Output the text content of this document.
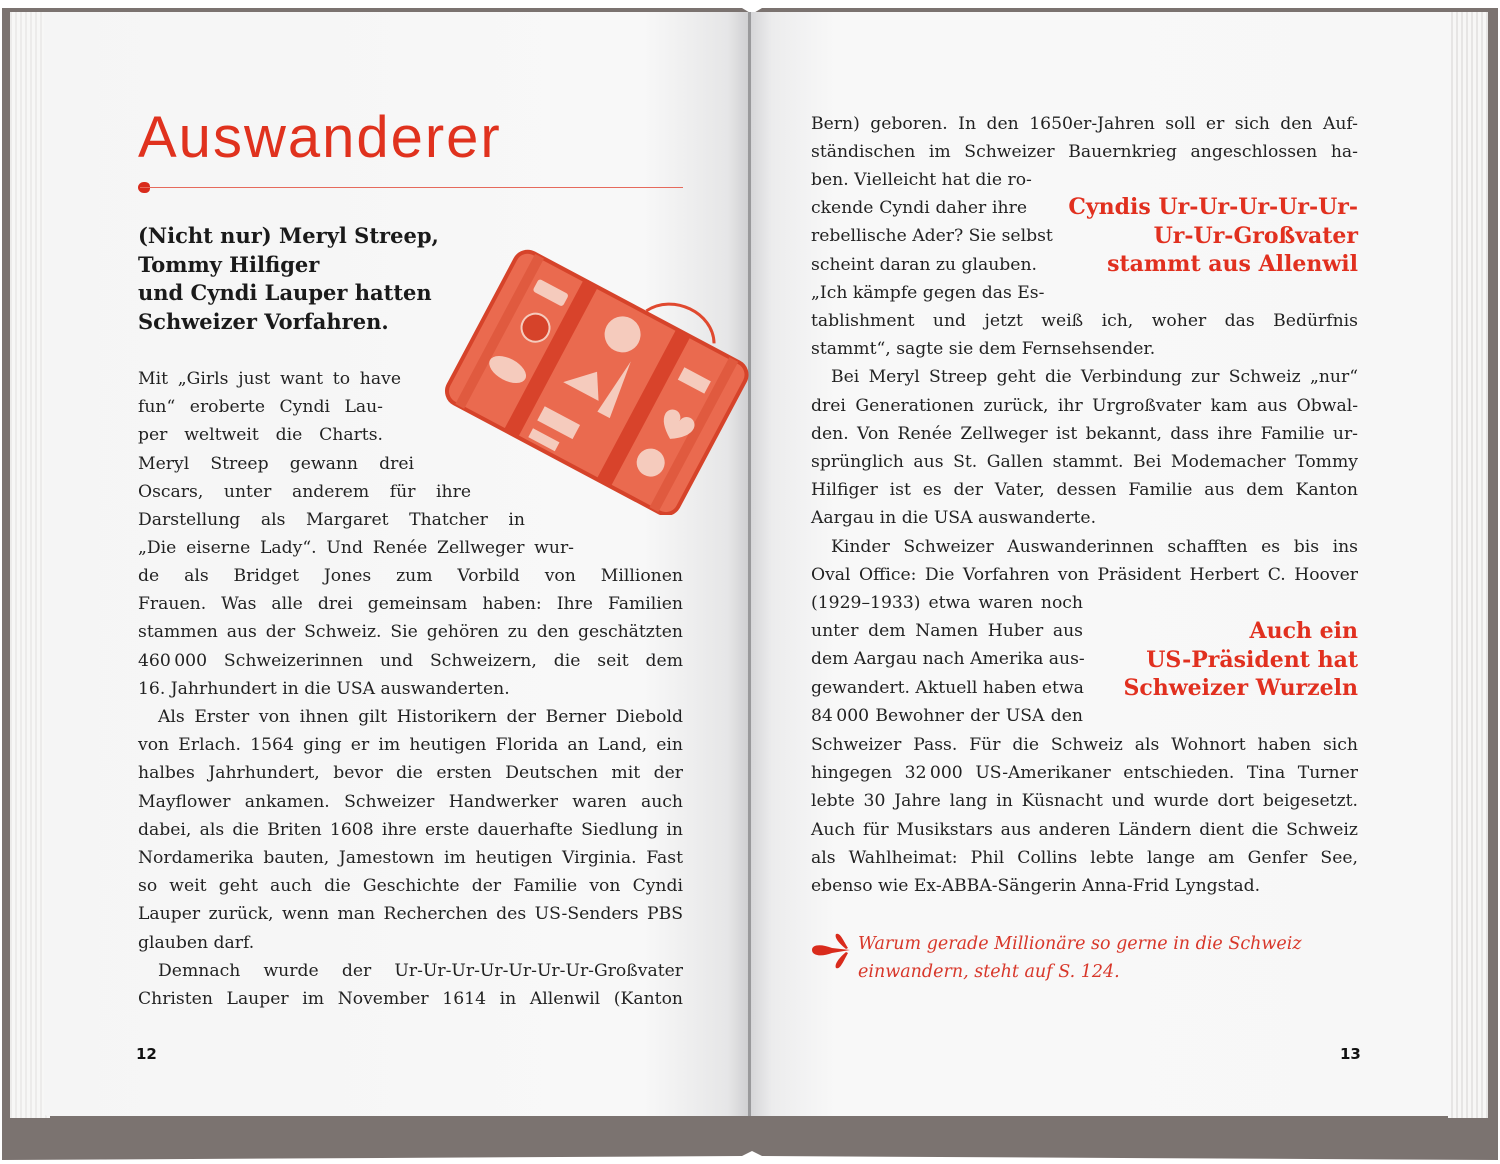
Auswanderer
(Nicht nur) Meryl Streep,
Tommy Hilfiger
und Cyndi Lauper hatten
Schweizer Vorfahren.
Mit „Girls just want to have
fun“ eroberte Cyndi Lau-
per weltweit die Charts.
Meryl Streep gewann drei
Oscars, unter anderem für ihre
Darstellung als Margaret Thatcher in
„Die eiserne Lady“. Und Renée Zellweger wur-
de als Bridget Jones zum Vorbild von Millionen
Frauen. Was alle drei gemeinsam haben: Ihre Familien
stammen aus der Schweiz. Sie gehören zu den geschätzten
460 000 Schweizerinnen und Schweizern, die seit dem
16. Jahrhundert in die USA auswanderten.
Als Erster von ihnen gilt Historikern der Berner Diebold
von Erlach. 1564 ging er im heutigen Florida an Land, ein
halbes Jahrhundert, bevor die ersten Deutschen mit der
Mayflower ankamen. Schweizer Handwerker waren auch
dabei, als die Briten 1608 ihre erste dauerhafte Siedlung in
Nordamerika bauten, Jamestown im heutigen Virginia. Fast
so weit geht auch die Geschichte der Familie von Cyndi
Lauper zurück, wenn man Recherchen des US-Senders PBS
glauben darf.
Demnach wurde der Ur-Ur-Ur-Ur-Ur-Ur-Ur-Großvater
Christen Lauper im November 1614 in Allenwil (Kanton
12
Bern) geboren. In den 1650er-Jahren soll er sich den Auf-
ständischen im Schweizer Bauernkrieg angeschlossen ha-
ben. Vielleicht hat die ro-
ckende Cyndi daher ihre
rebellische Ader? Sie selbst
scheint daran zu glauben.
„Ich kämpfe gegen das Es-
Cyndis Ur-Ur-Ur-Ur-Ur-
Ur-Ur-Großvater
stammt aus Allenwil
tablishment und jetzt weiß ich, woher das Bedürfnis
stammt“, sagte sie dem Fernsehsender.
Bei Meryl Streep geht die Verbindung zur Schweiz „nur“
drei Generationen zurück, ihr Urgroßvater kam aus Obwal-
den. Von Renée Zellweger ist bekannt, dass ihre Familie ur-
sprünglich aus St. Gallen stammt. Bei Modemacher Tommy
Hilfiger ist es der Vater, dessen Familie aus dem Kanton
Aargau in die USA auswanderte.
Kinder Schweizer Auswanderinnen schafften es bis ins
Oval Office: Die Vorfahren von Präsident Herbert C. Hoover
(1929–1933) etwa waren noch
unter dem Namen Huber aus
dem Aargau nach Amerika aus-
gewandert. Aktuell haben etwa
84 000 Bewohner der USA den
Auch ein
US-Präsident hat
Schweizer Wurzeln
Schweizer Pass. Für die Schweiz als Wohnort haben sich
hingegen 32 000 US-Amerikaner entschieden. Tina Turner
lebte 30 Jahre lang in Küsnacht und wurde dort beigesetzt.
Auch für Musikstars aus anderen Ländern dient die Schweiz
als Wahlheimat: Phil Collins lebte lange am Genfer See,
ebenso wie Ex-ABBA-Sängerin Anna-Frid Lyngstad.
Warum gerade Millionäre so gerne in die Schweiz
einwandern, steht auf S. 124.
13
